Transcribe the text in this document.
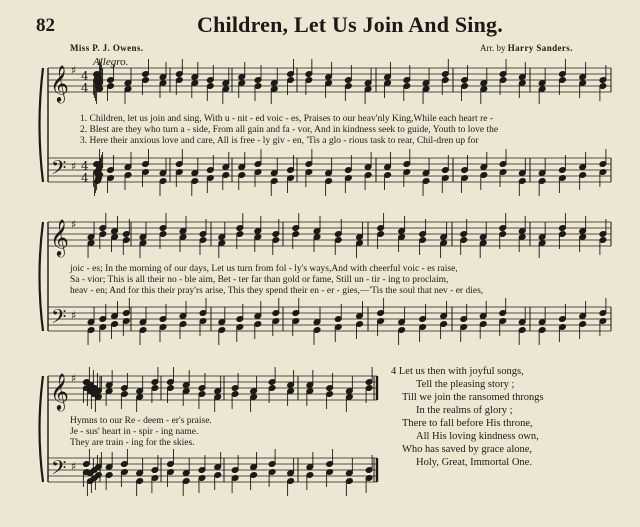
82	Children, Let Us Join And Sing.
Miss P. J. Owens.	Arr. by Harry Sanders.
Allegro.
𝄞
𝄢
♯
♯
4
4
4
4
𝄞
𝄢
♯
♯
𝄞
𝄢
♯
♯
1. Children, let us join and sing, With u - nit - ed voic - es, Praises to our heav'nly King,While each heart re -
2. Blest are they who turn a - side, From all gain and fa - vor, And in kindness seek to guide, Youth to love the
3. Here their anxious love and care, All is free - ly giv - en, 'Tis a glo - rious task to rear, Chil-dren up for
joic - es; In the morning of our days, Let us turn from fol - ly's ways,And with cheerful voic - es raise,
Sa - vior; This is all their no - ble aim, Bet - ter far than gold or fame, Still un - tir - ing to proclaim,
heav - en; And for this their pray'rs arise, This they spend their en - er - gies,—'Tis the soul that nev - er dies,
Hymns to our Re - deem - er's praise.
Je - sus' heart in - spir - ing name.
They are train - ing for the skies.
4 Let us then with joyful songs,
Tell the pleasing story ;
Till we join the ransomed throngs
In the realms of glory ;
There to fall before His throne,
All His loving kindness own,
Who has saved by grace alone,
Holy, Great, Immortal One.
